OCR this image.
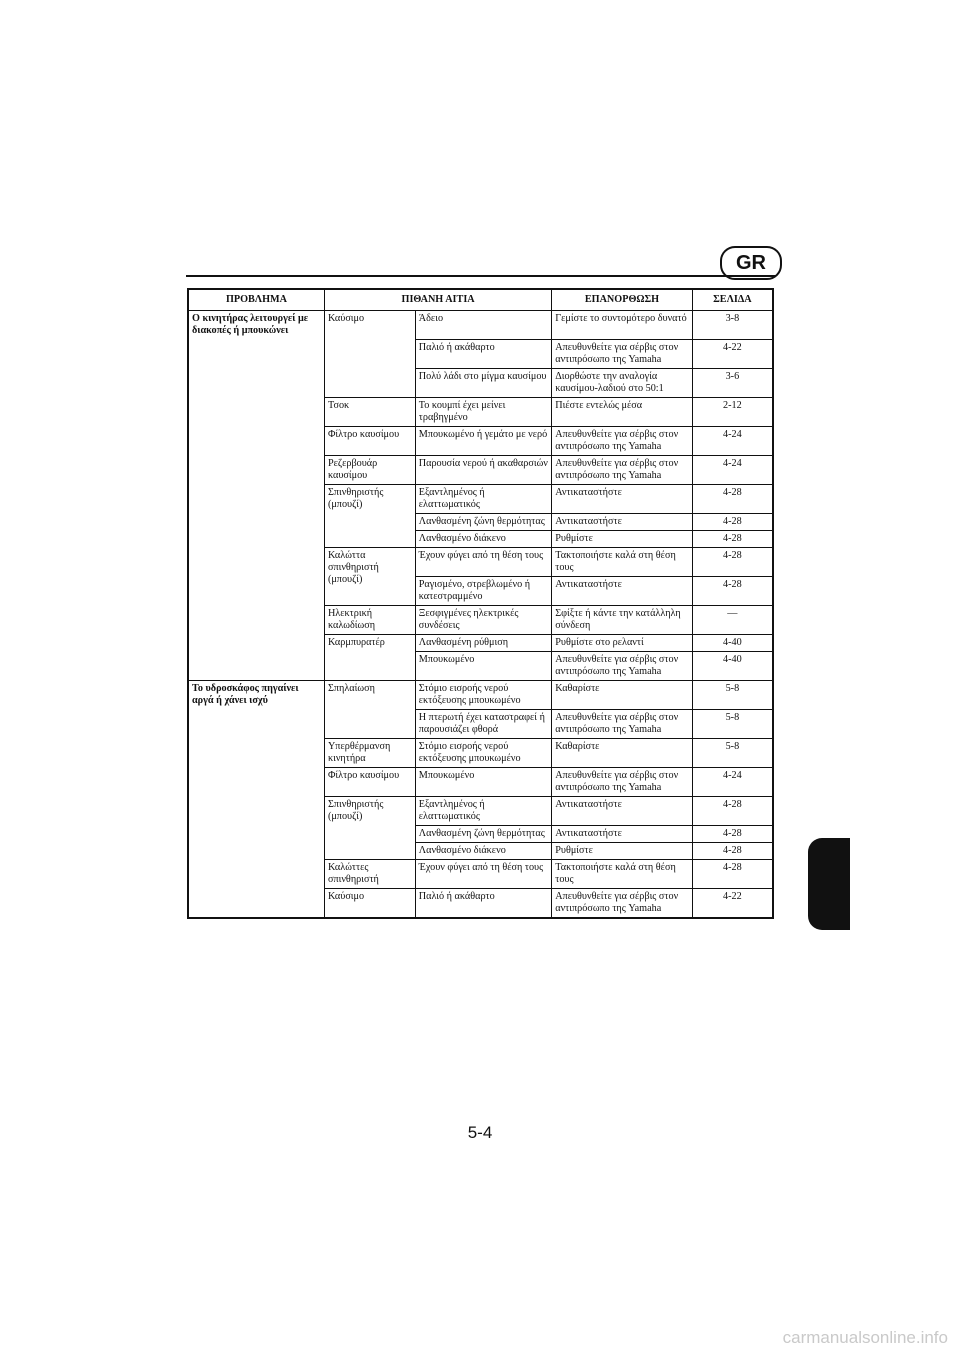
GR
ΠΡΟΒΛΗΜΑ	ΠΙΘΑΝΗ ΑΙΤΙΑ		ΕΠΑΝΟΡΘΩΣΗ	ΣΕΛΙΔΑ
Ο κινητήρας λειτουργεί με διακοπές ή μπουκώνει	Καύσιμο	Άδειο	Γεμίστε το συντομότερο δυνατό	3-8
		Παλιό ή ακάθαρτο	Απευθυνθείτε για σέρβις στον αντιπρόσωπο της Yamaha	4-22
		Πολύ λάδι στο μίγμα καυσίμου	Διορθώστε την αναλογία καυσίμου-λαδιού στο 50:1	3-6
	Τσοκ	Το κουμπί έχει μείνει τραβηγμένο	Πιέστε εντελώς μέσα	2-12
	Φίλτρο καυσίμου	Μπουκωμένο ή γεμάτο με νερό	Απευθυνθείτε για σέρβις στον αντιπρόσωπο της Yamaha	4-24
	Ρεζερβουάρ καυσίμου	Παρουσία νερού ή ακαθαρσιών	Απευθυνθείτε για σέρβις στον αντιπρόσωπο της Yamaha	4-24
	Σπινθηριστής (μπουζί)	Εξαντλημένος ή ελαττωματικός	Αντικαταστήστε	4-28
		Λανθασμένη ζώνη θερμότητας	Αντικαταστήστε	4-28
		Λανθασμένο διάκενο	Ρυθμίστε	4-28
	Καλώττα σπινθηριστή (μπουζί)	Έχουν φύγει από τη θέση τους	Τακτοποιήστε καλά στη θέση τους	4-28
		Ραγισμένο, στρεβλωμένο ή κατεστραμμένο	Αντικαταστήστε	4-28
	Ηλεκτρική καλωδίωση	Ξεσφιγμένες ηλεκτρικές συνδέσεις	Σφίξτε ή κάντε την κατάλληλη σύνδεση	—
	Καρμπυρατέρ	Λανθασμένη ρύθμιση	Ρυθμίστε στο ρελαντί	4-40
		Μπουκωμένο	Απευθυνθείτε για σέρβις στον αντιπρόσωπο της Yamaha	4-40
Το υδροσκάφος πηγαίνει αργά ή χάνει ισχύ	Σπηλαίωση	Στόμιο εισροής νερού εκτόξευσης μπουκωμένο	Καθαρίστε	5-8
		Η πτερωτή έχει καταστραφεί ή παρουσιάζει φθορά	Απευθυνθείτε για σέρβις στον αντιπρόσωπο της Yamaha	5-8
	Υπερθέρμανση κινητήρα	Στόμιο εισροής νερού εκτόξευσης μπουκωμένο	Καθαρίστε	5-8
	Φίλτρο καυσίμου	Μπουκωμένο	Απευθυνθείτε για σέρβις στον αντιπρόσωπο της Yamaha	4-24
	Σπινθηριστής (μπουζί)	Εξαντλημένος ή ελαττωματικός	Αντικαταστήστε	4-28
		Λανθασμένη ζώνη θερμότητας	Αντικαταστήστε	4-28
		Λανθασμένο διάκενο	Ρυθμίστε	4-28
	Καλώττες σπινθηριστή	Έχουν φύγει από τη θέση τους	Τακτοποιήστε καλά στη θέση τους	4-28
	Καύσιμο	Παλιό ή ακάθαρτο	Απευθυνθείτε για σέρβις στον αντιπρόσωπο της Yamaha	4-22
5-4
carmanualsonline.info
